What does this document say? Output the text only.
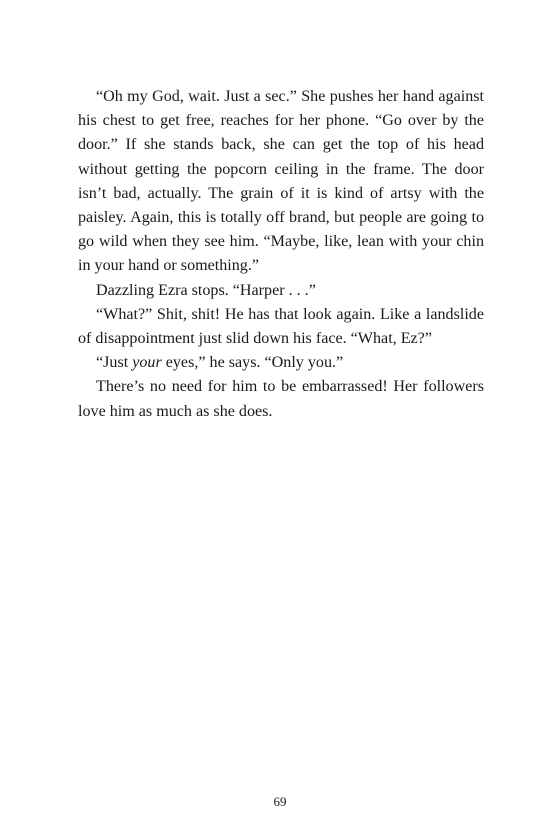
“Oh my God, wait. Just a sec.” She pushes her hand against his chest to get free, reaches for her phone. “Go over by the door.” If she stands back, she can get the top of his head without getting the popcorn ceiling in the frame. The door isn’t bad, actually. The grain of it is kind of artsy with the paisley. Again, this is totally off brand, but people are going to go wild when they see him. “Maybe, like, lean with your chin in your hand or something.”

Dazzling Ezra stops. “Harper . . .”

“What?” Shit, shit! He has that look again. Like a landslide of disappointment just slid down his face. “What, Ez?”

“Just your eyes,” he says. “Only you.”

There’s no need for him to be embarrassed! Her followers love him as much as she does.

69
